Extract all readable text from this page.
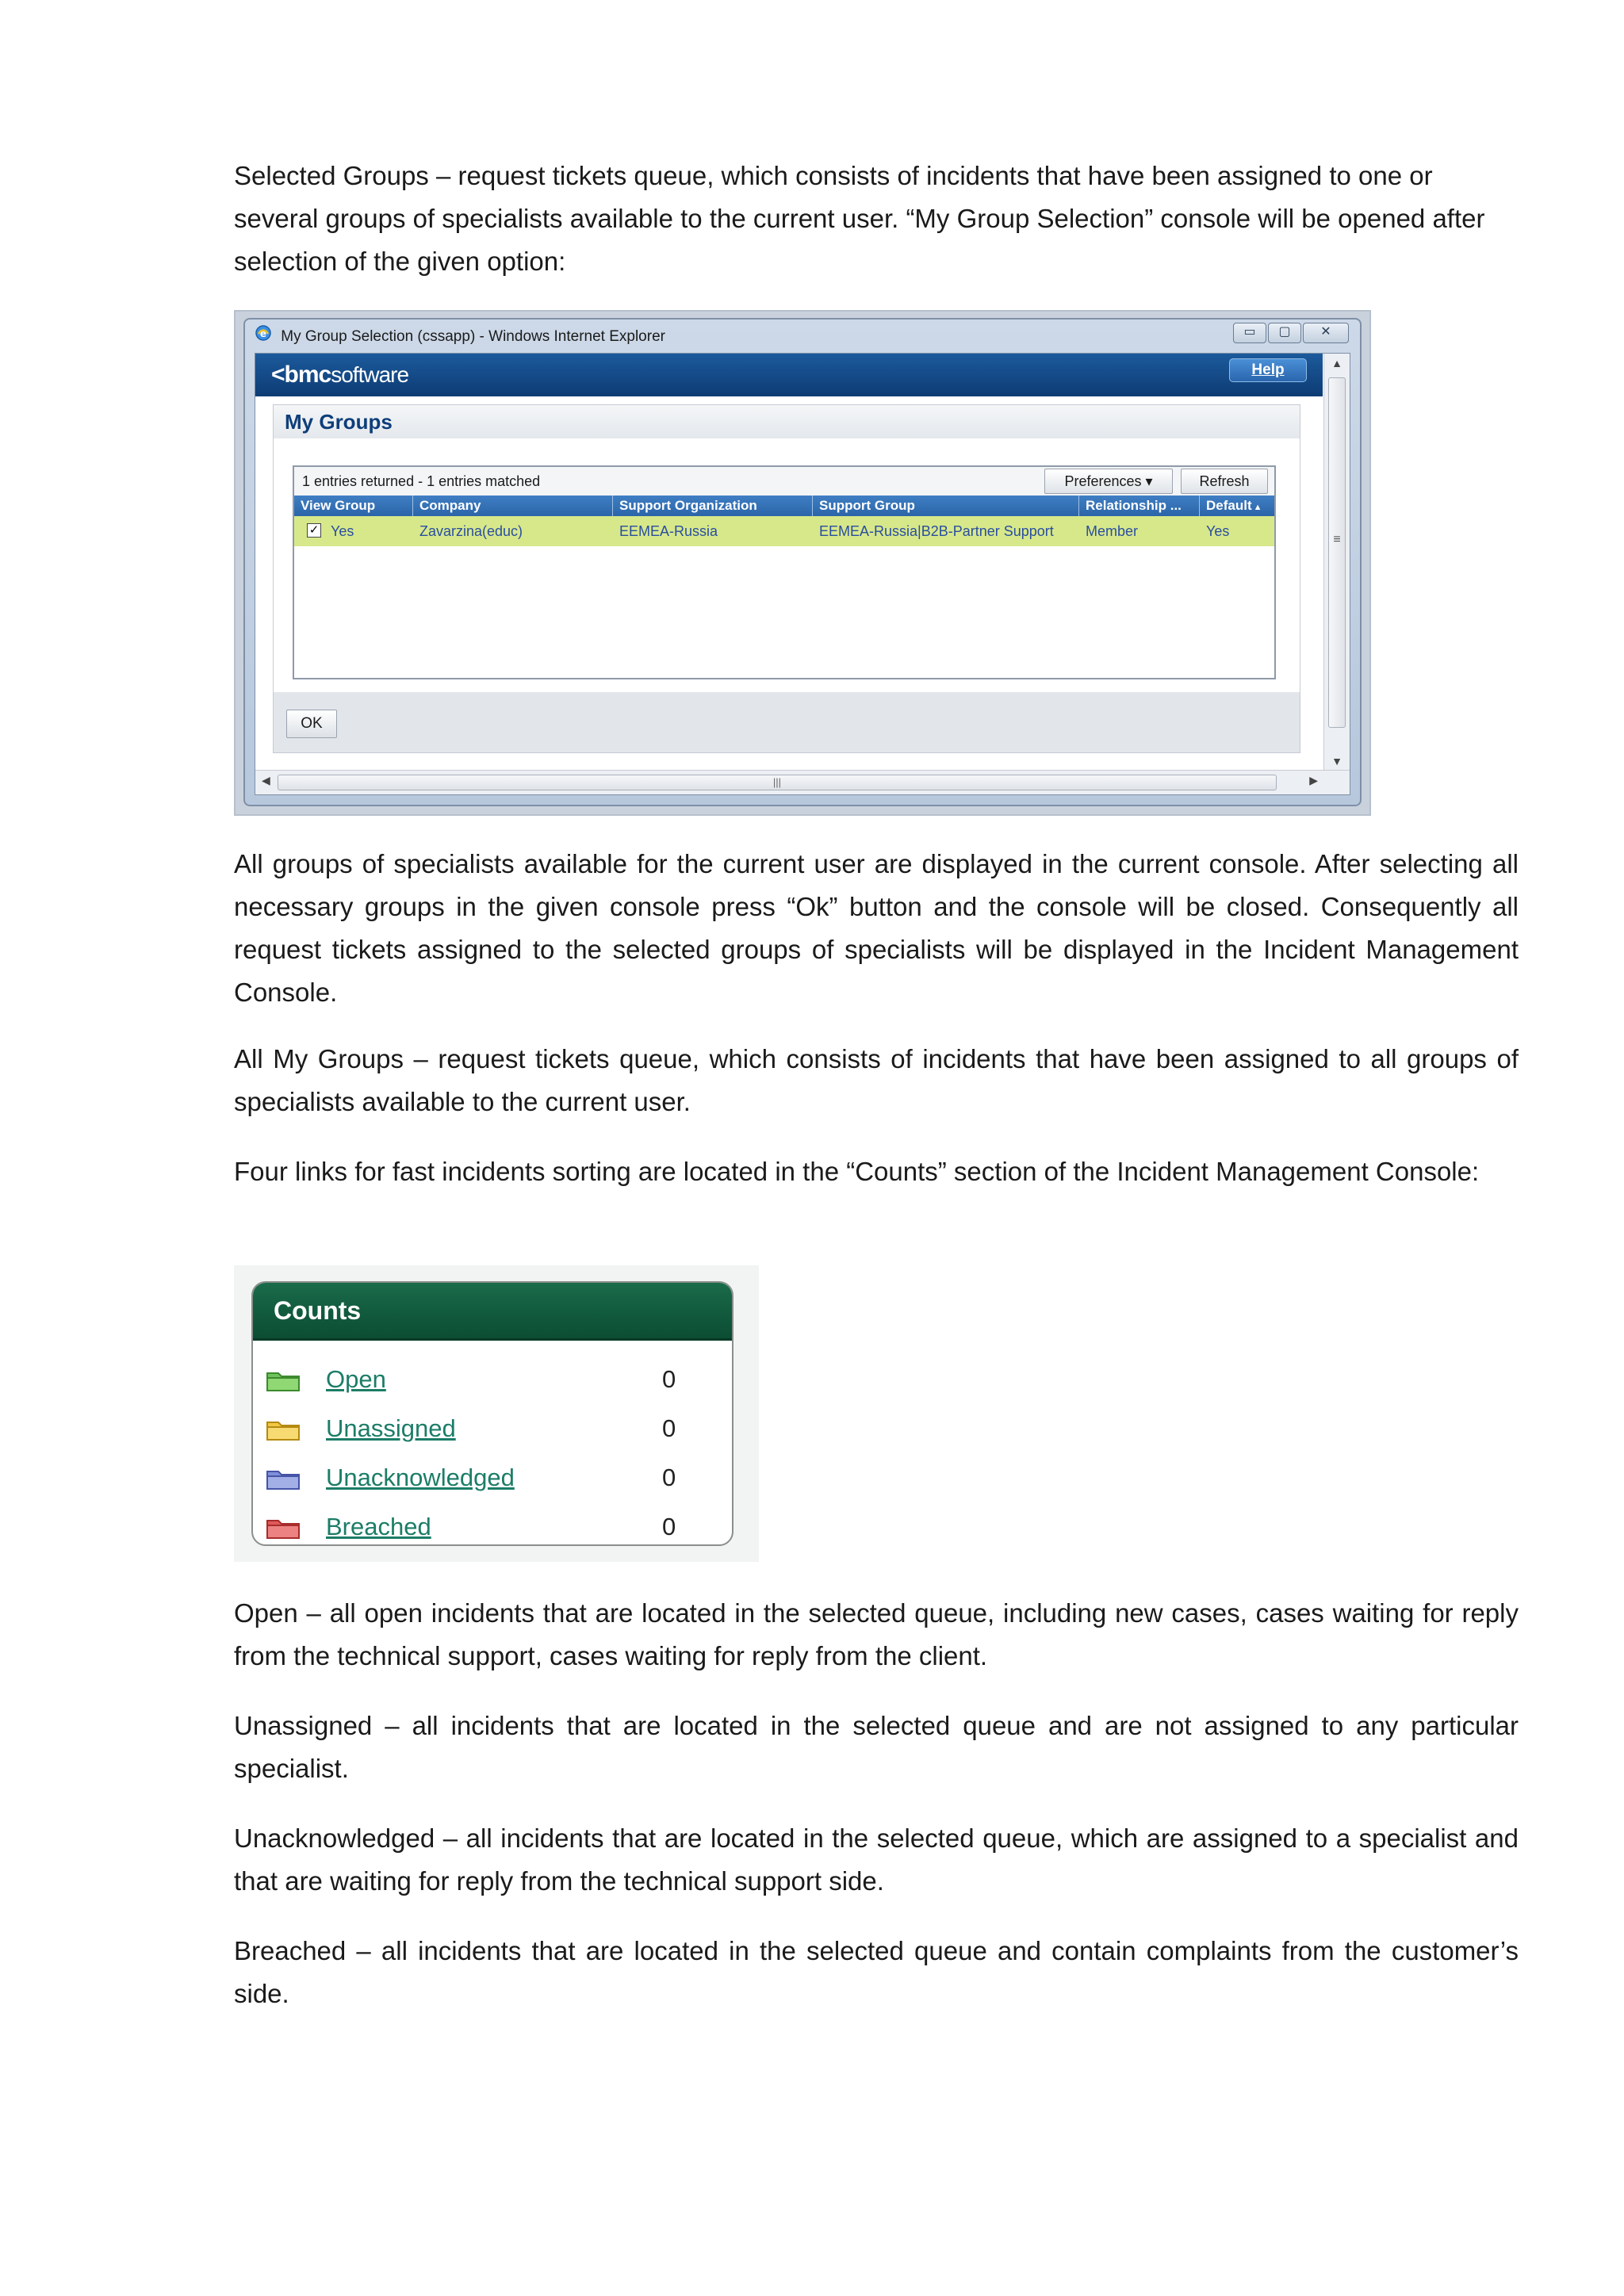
Selected Groups – request tickets queue, which consists of incidents that have been assigned to one or several groups of specialists available to the current user. “My Group Selection” console will be opened after selection of the given option:

e My Group Selection (cssapp) - Windows Internet Explorer	▭ ▢ ✕
<bmcsoftware	Help	▲
≡
▼
◀	|||	▶
My Groups
1 entries returned - 1 entries matched	Preferences ▾	Refresh
View Group	Company	Support Organization	Support Group	Relationship ...	Default ▲
✓ Yes	Zavarzina(educ)	EEMEA-Russia	EEMEA-Russia|B2B-Partner Support	Member	Yes
OK

All groups of specialists available for the current user are displayed in the current console. After selecting all necessary groups in the given console press “Ok” button and the console will be closed. Consequently all request tickets assigned to the selected groups of specialists will be displayed in the Incident Management Console.

All My Groups – request tickets queue, which consists of incidents that have been assigned to all groups of specialists available to the current user.

Four links for fast incidents sorting are located in the “Counts” section of the Incident Management Console:

Counts
Open	0
Unassigned	0
Unacknowledged	0
Breached	0

Open – all open incidents that are located in the selected queue, including new cases, cases waiting for reply from the technical support, cases waiting for reply from the client.

Unassigned – all incidents that are located in the selected queue and are not assigned to any particular specialist.

Unacknowledged – all incidents that are located in the selected queue, which are assigned to a specialist and that are waiting for reply from the technical support side.

Breached – all incidents that are located in the selected queue and contain complaints from the customer’s side.
